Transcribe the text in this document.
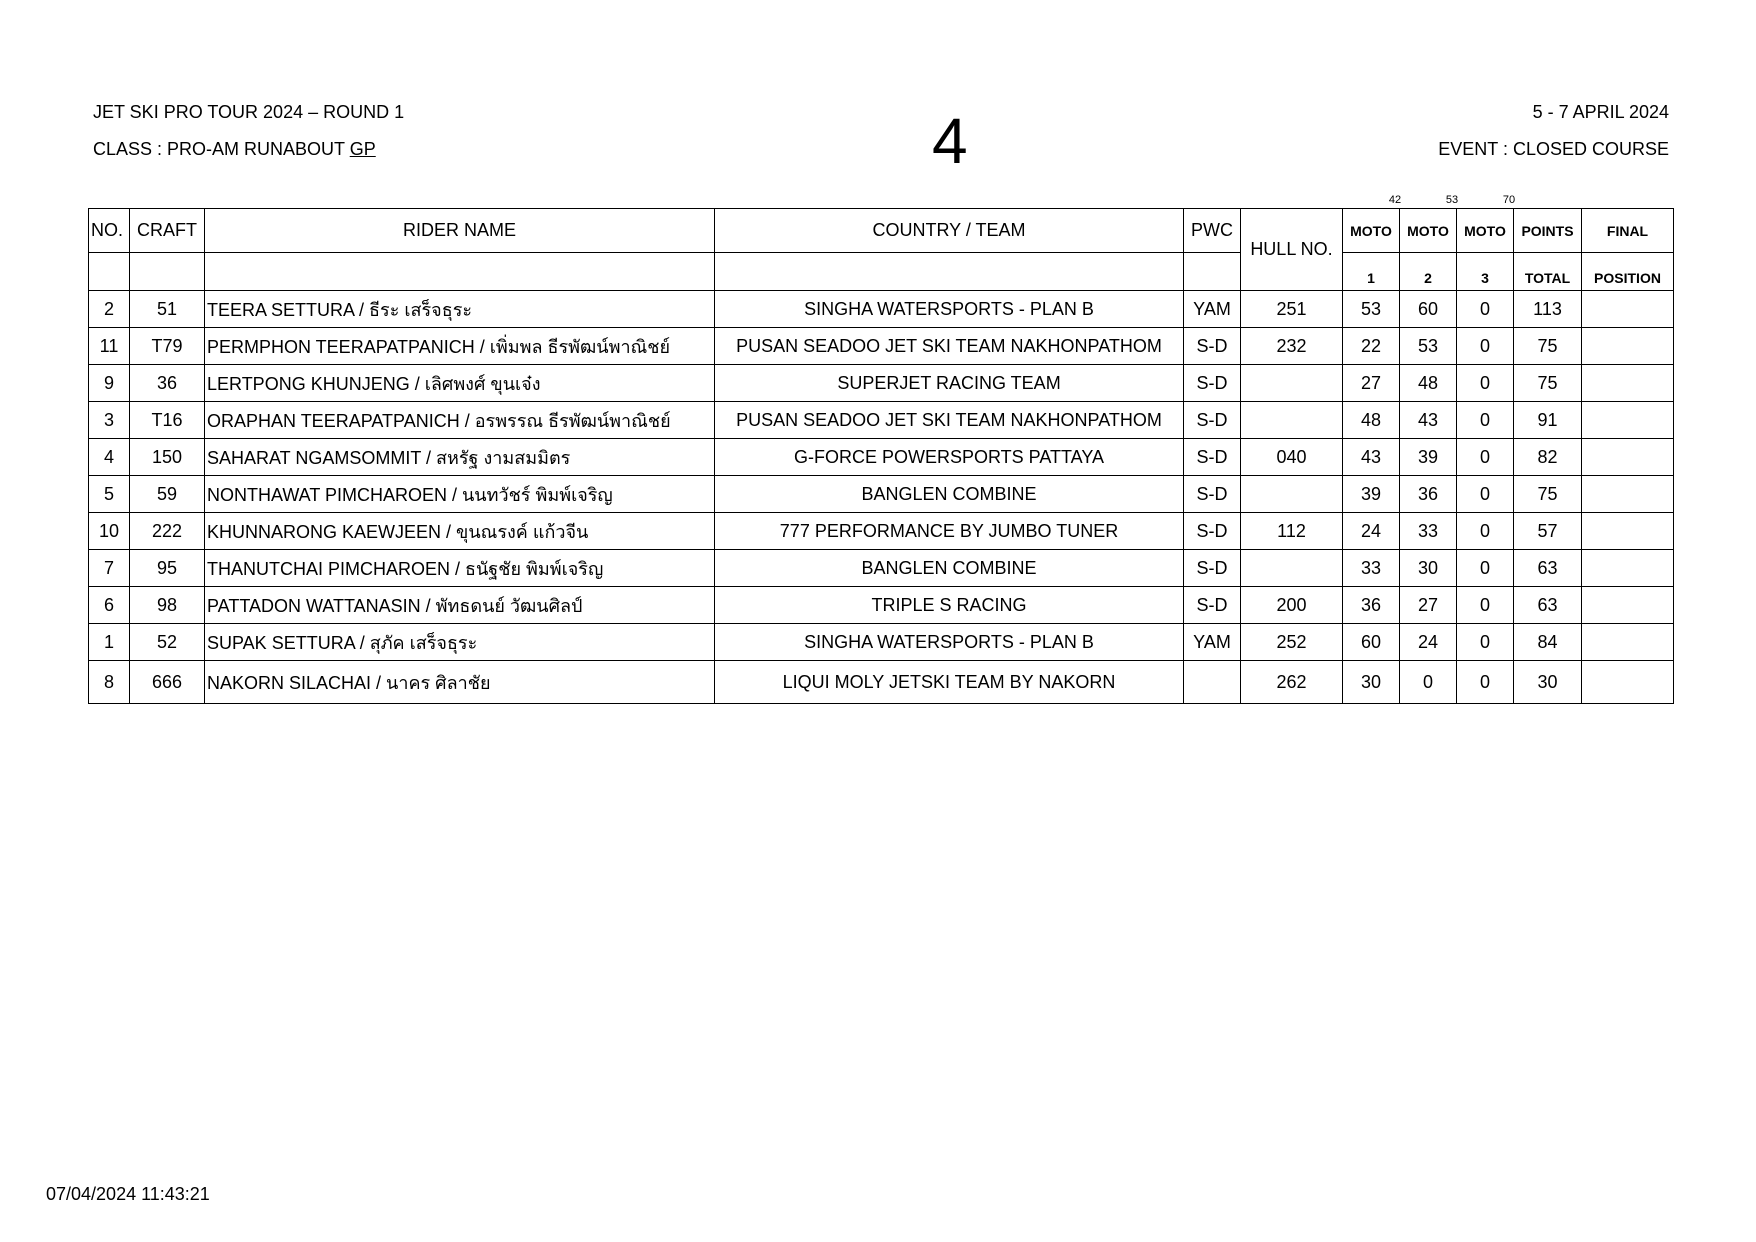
JET SKI PRO TOUR 2024 – ROUND 1
CLASS : PRO-AM RUNABOUT GP	4	5 - 7 APRIL 2024
EVENT : CLOSED COURSE
42	53	70
NO.	CRAFT	RIDER NAME	COUNTRY / TEAM	PWC	HULL NO.	MOTO	MOTO	MOTO	POINTS	FINAL
						1	2	3	TOTAL	POSITION
2	51	TEERA SETTURA / ธีระ เสร็จธุระ	SINGHA WATERSPORTS - PLAN B	YAM	251	53	60	0	113	
11	T79	PERMPHON TEERAPATPANICH / เพิ่มพล ธีรพัฒน์พาณิชย์	PUSAN SEADOO JET SKI TEAM NAKHONPATHOM	S-D	232	22	53	0	75	
9	36	LERTPONG KHUNJENG / เลิศพงศ์ ขุนเจ๋ง	SUPERJET RACING TEAM	S-D		27	48	0	75	
3	T16	ORAPHAN TEERAPATPANICH / อรพรรณ ธีรพัฒน์พาณิชย์	PUSAN SEADOO JET SKI TEAM NAKHONPATHOM	S-D		48	43	0	91	
4	150	SAHARAT NGAMSOMMIT / สหรัฐ งามสมมิตร	G-FORCE POWERSPORTS PATTAYA	S-D	040	43	39	0	82	
5	59	NONTHAWAT PIMCHAROEN / นนทวัชร์ พิมพ์เจริญ	BANGLEN COMBINE	S-D		39	36	0	75	
10	222	KHUNNARONG KAEWJEEN / ขุนณรงค์ แก้วจีน	777 PERFORMANCE BY JUMBO TUNER	S-D	112	24	33	0	57	
7	95	THANUTCHAI PIMCHAROEN / ธนัฐชัย พิมพ์เจริญ	BANGLEN COMBINE	S-D		33	30	0	63	
6	98	PATTADON WATTANASIN / พัทธดนย์ วัฒนศิลป์	TRIPLE S RACING	S-D	200	36	27	0	63	
1	52	SUPAK SETTURA / สุภัค เสร็จธุระ	SINGHA WATERSPORTS - PLAN B	YAM	252	60	24	0	84	
8	666	NAKORN SILACHAI / นาคร ศิลาชัย	LIQUI MOLY JETSKI TEAM BY NAKORN		262	30	0	0	30	
07/04/2024 11:43:21
